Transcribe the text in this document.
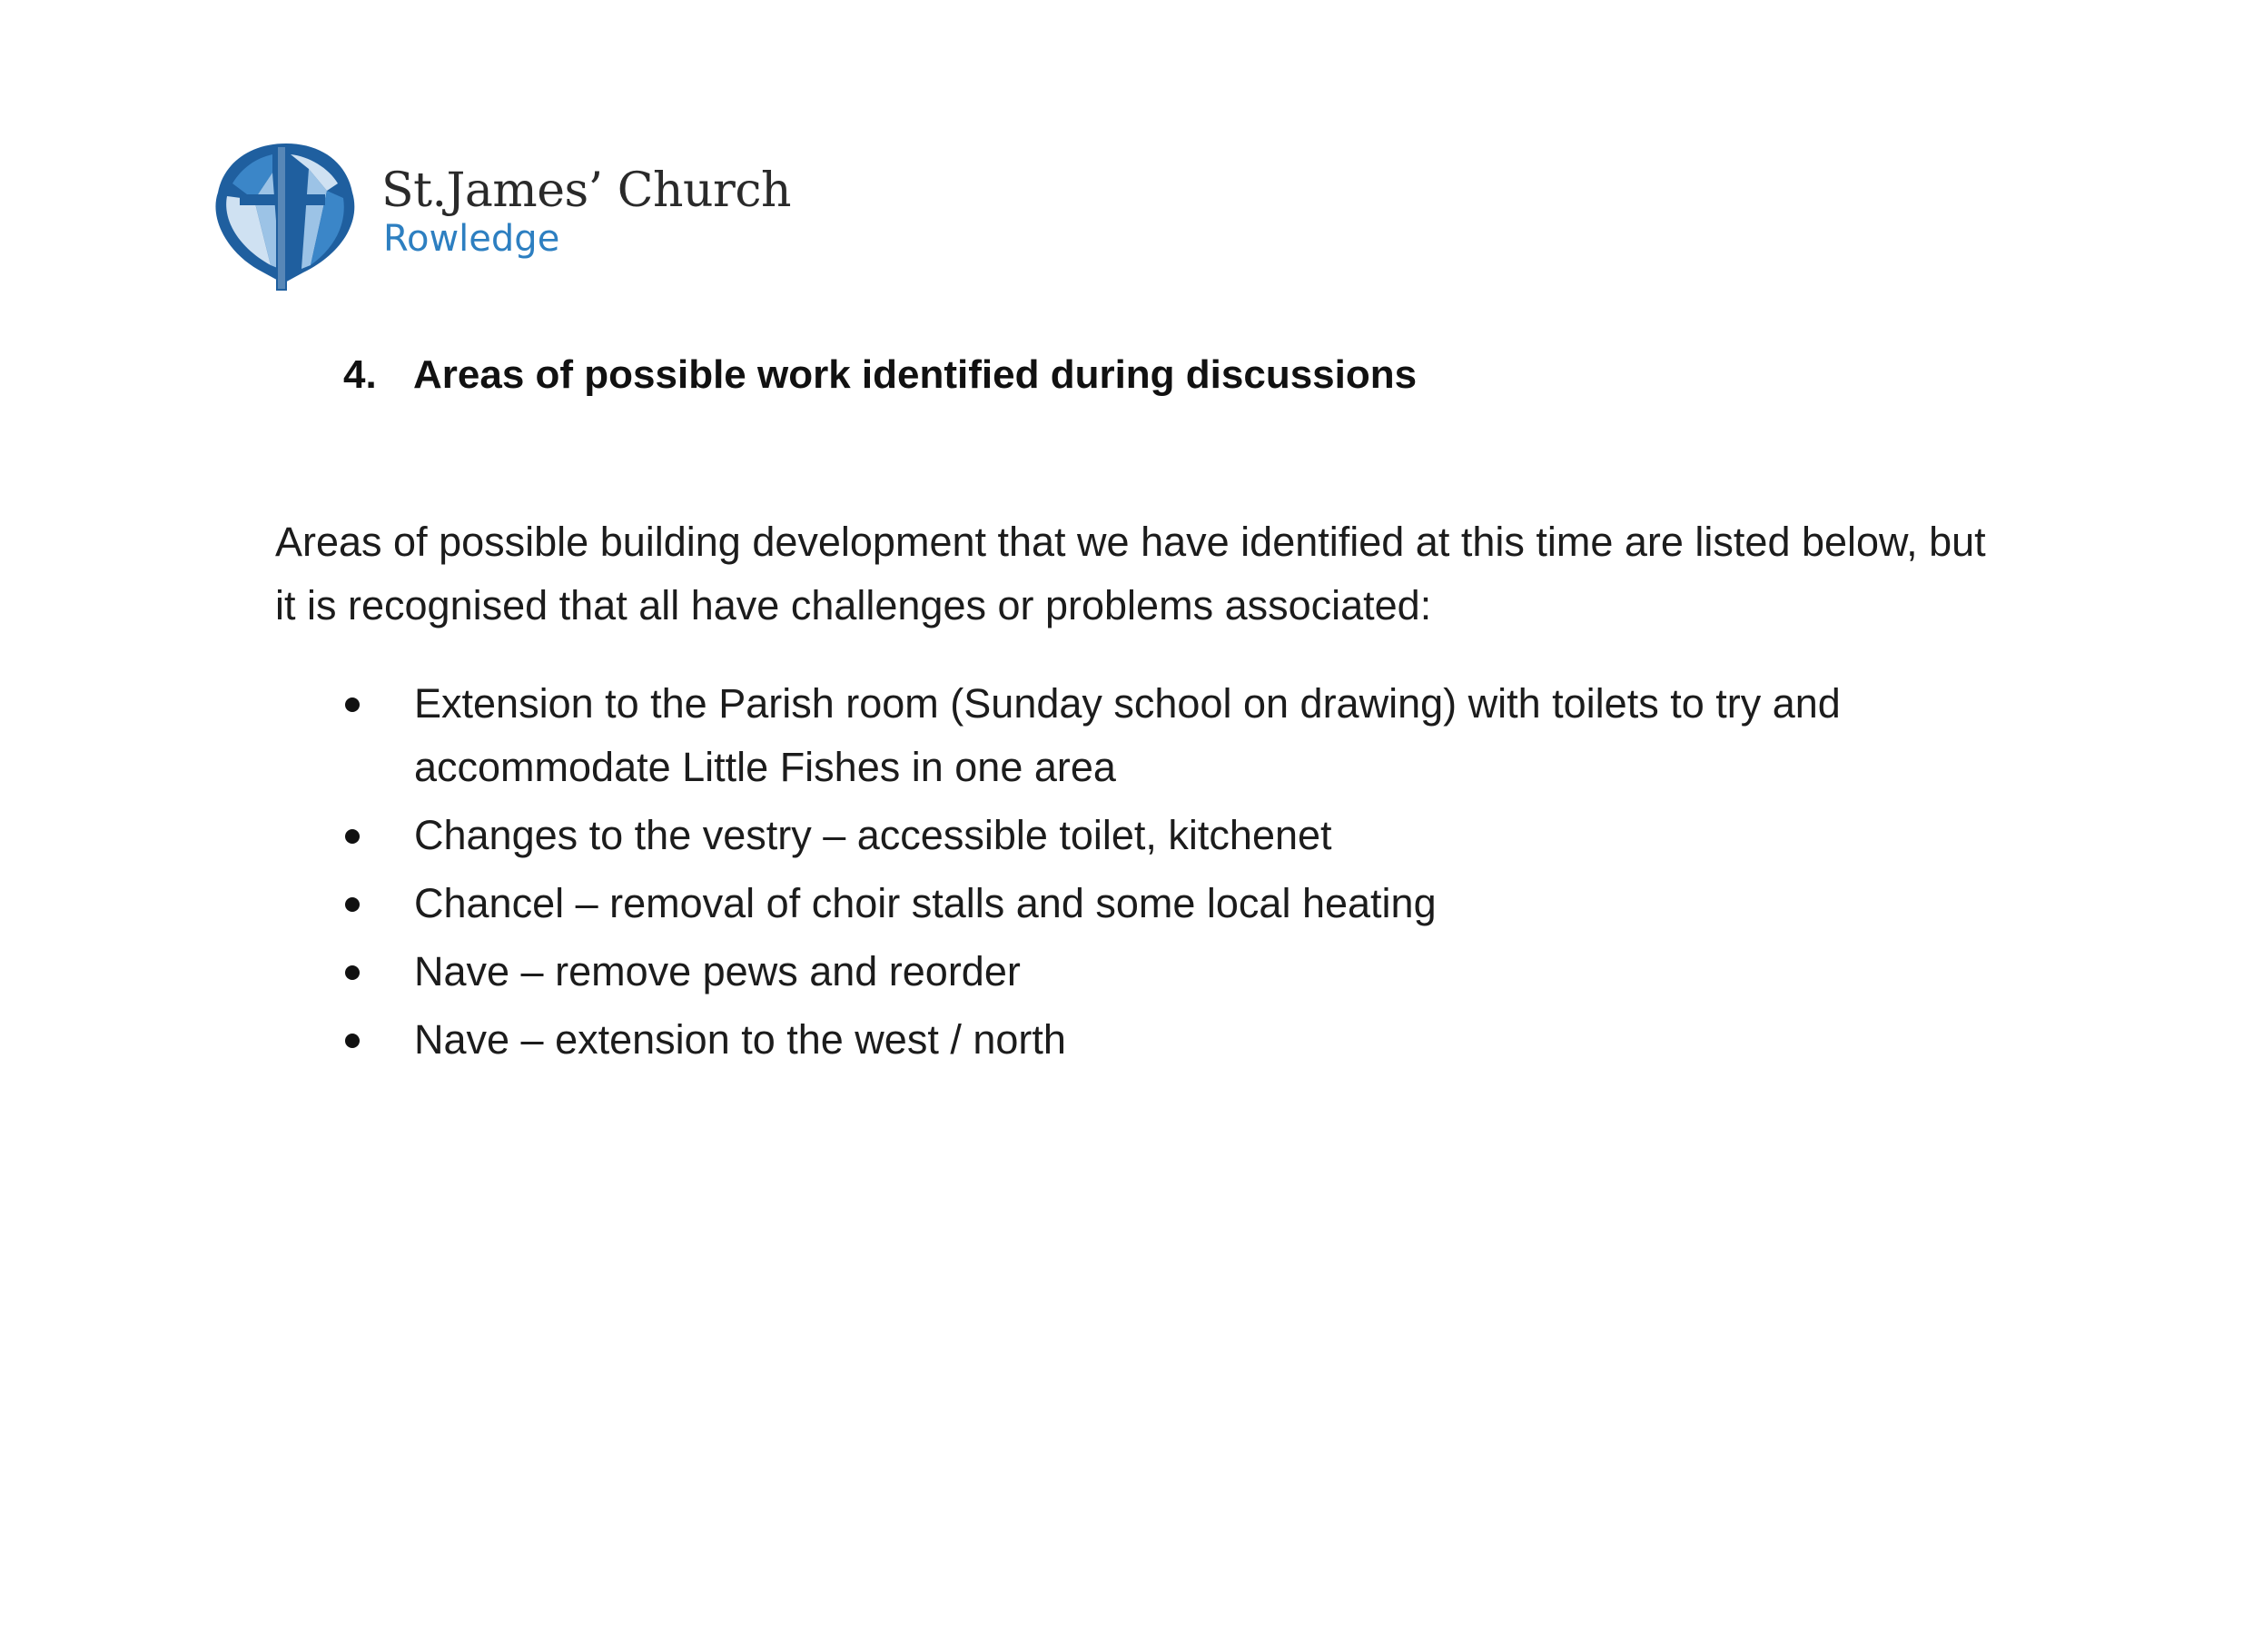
St.James’ Church
Rowledge
4. Areas of possible work identified during discussions

Areas of possible building development that we have identified at this time are listed below, but it is recognised that all have challenges or problems associated:

Extension to the Parish room (Sunday school on drawing) with toilets to try and accommodate Little Fishes in one area
Changes to the vestry – accessible toilet, kitchenet
Chancel – removal of choir stalls and some local heating
Nave – remove pews and reorder
Nave – extension to the west / north
